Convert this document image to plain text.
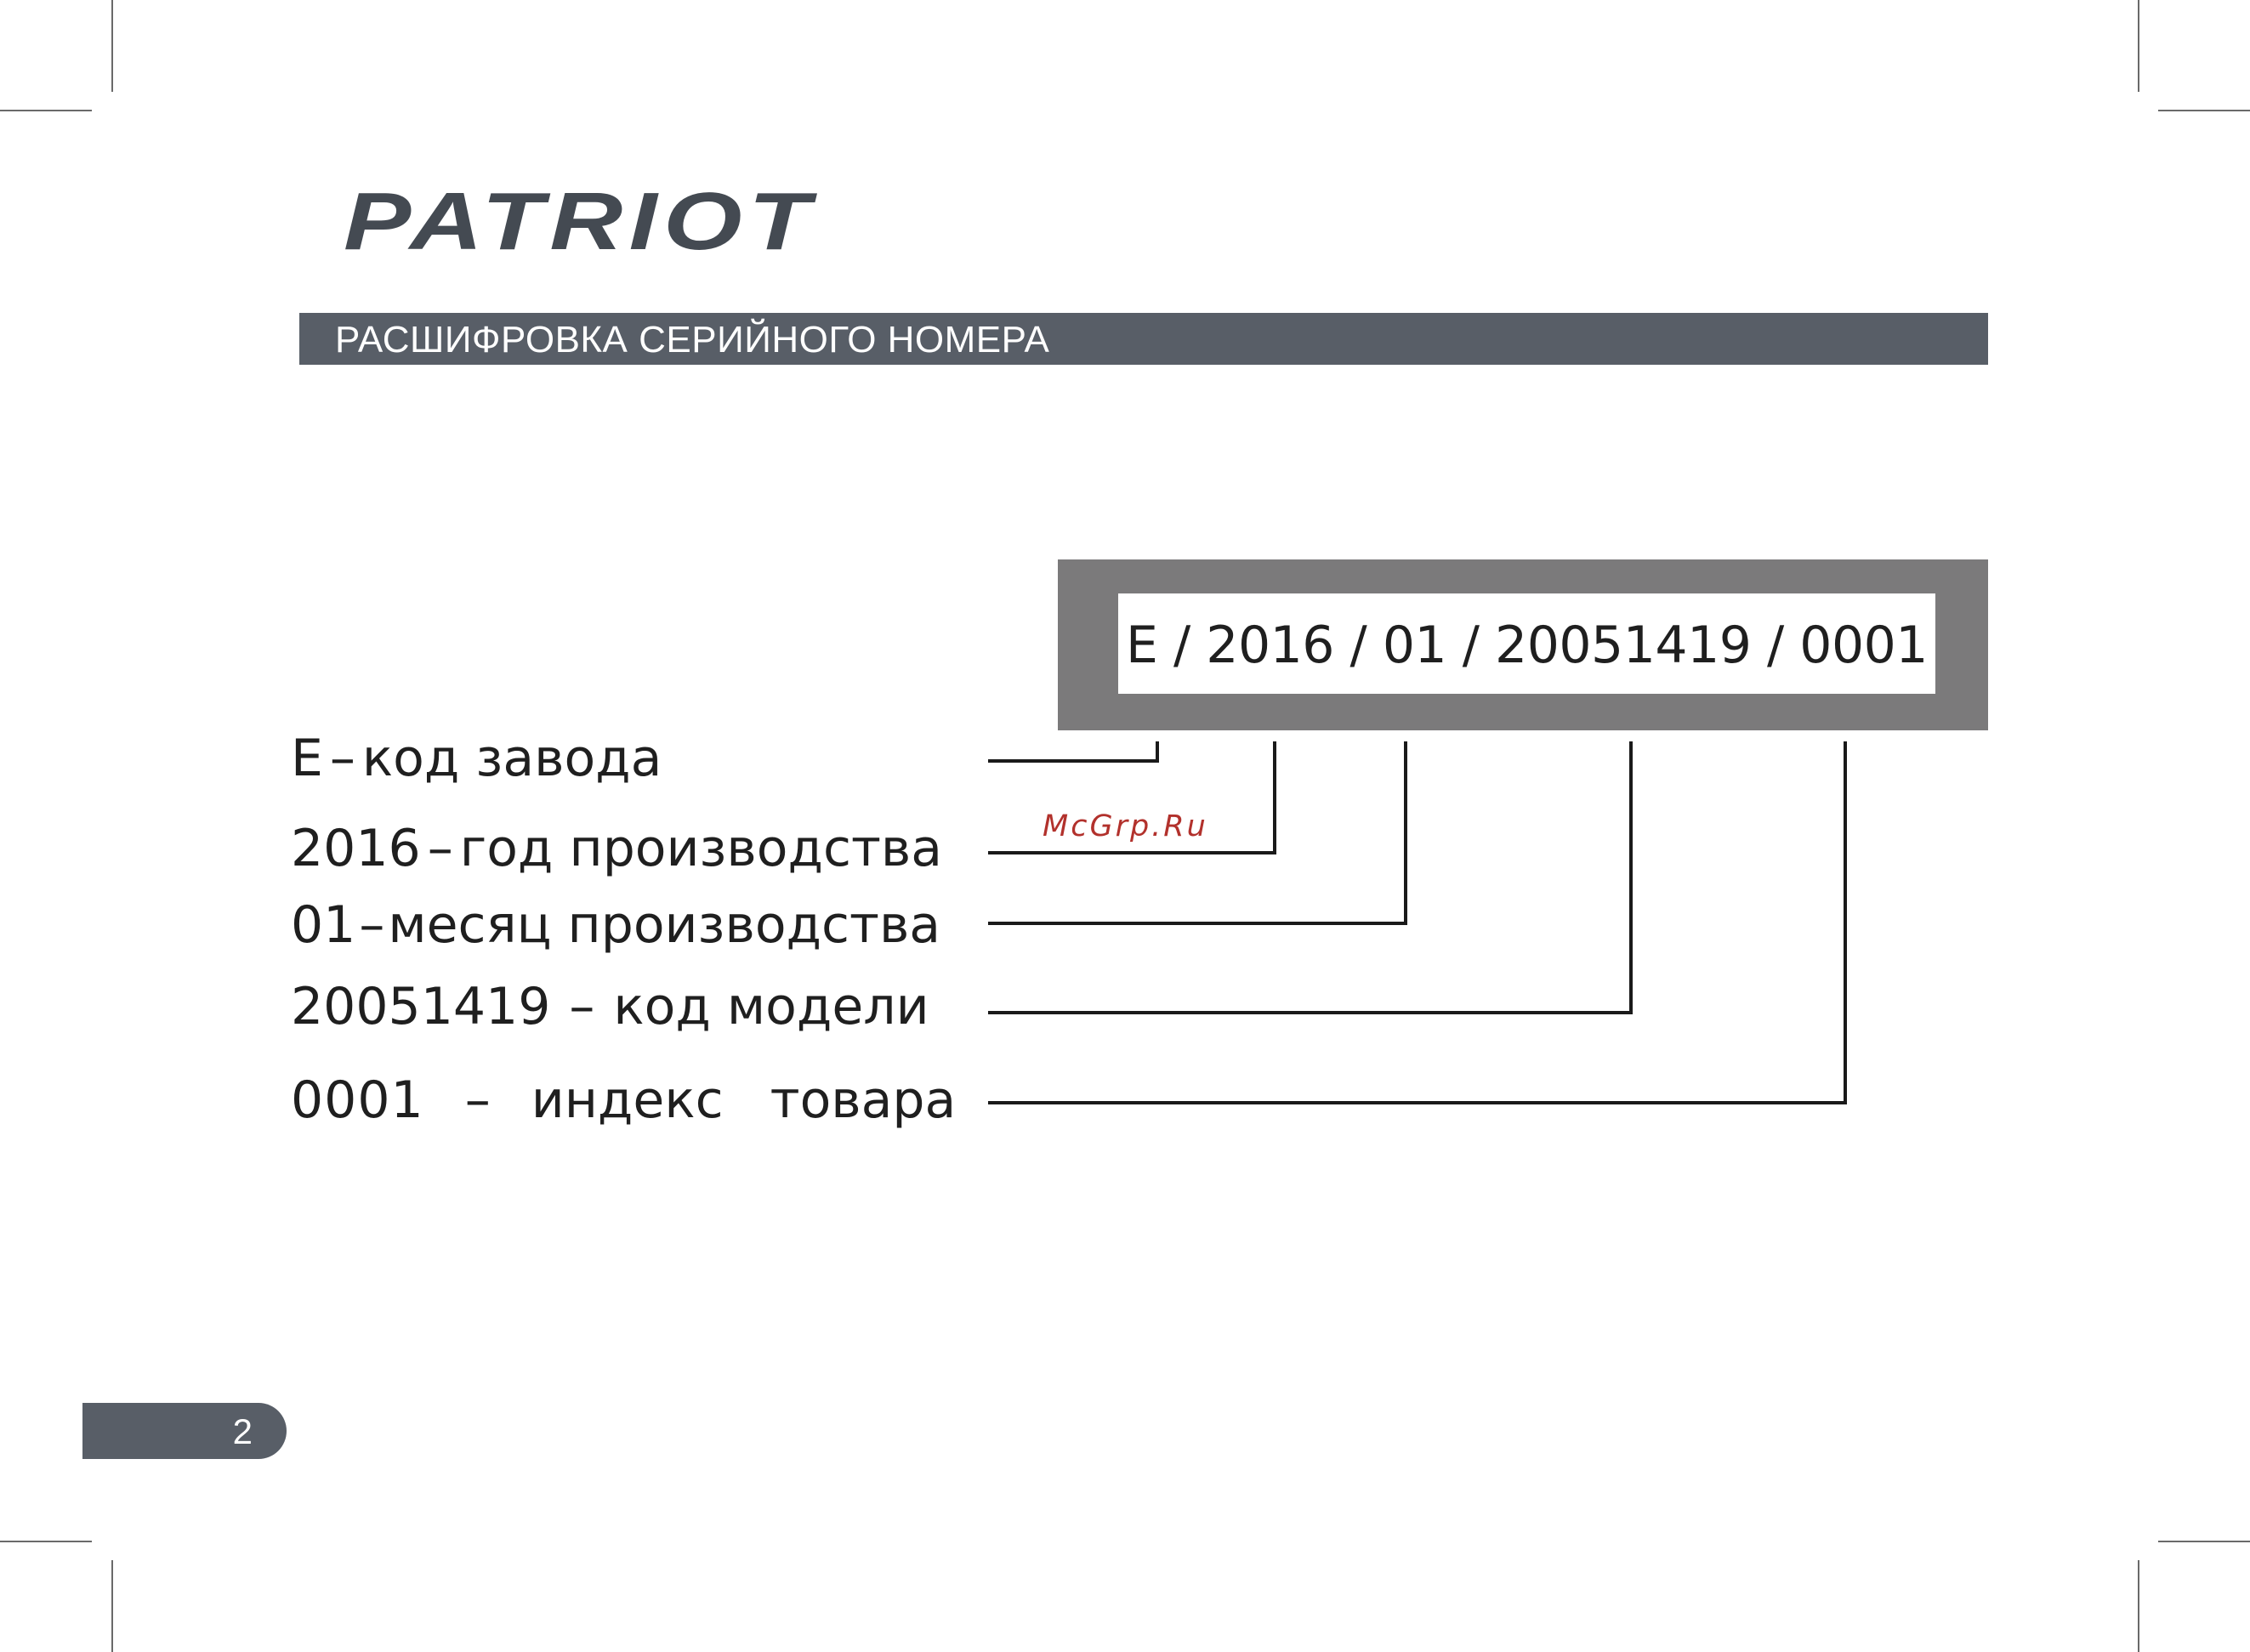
PATRIOT
РАСШИФРОВКА СЕРИЙНОГО НОМЕРА
E / 2016 / 01 / 20051419 / 0001
E – код завода
2016 – год производства
01–месяц производства
20051419 – код модели
0001 – индекс товара
McGrp.Ru
2
